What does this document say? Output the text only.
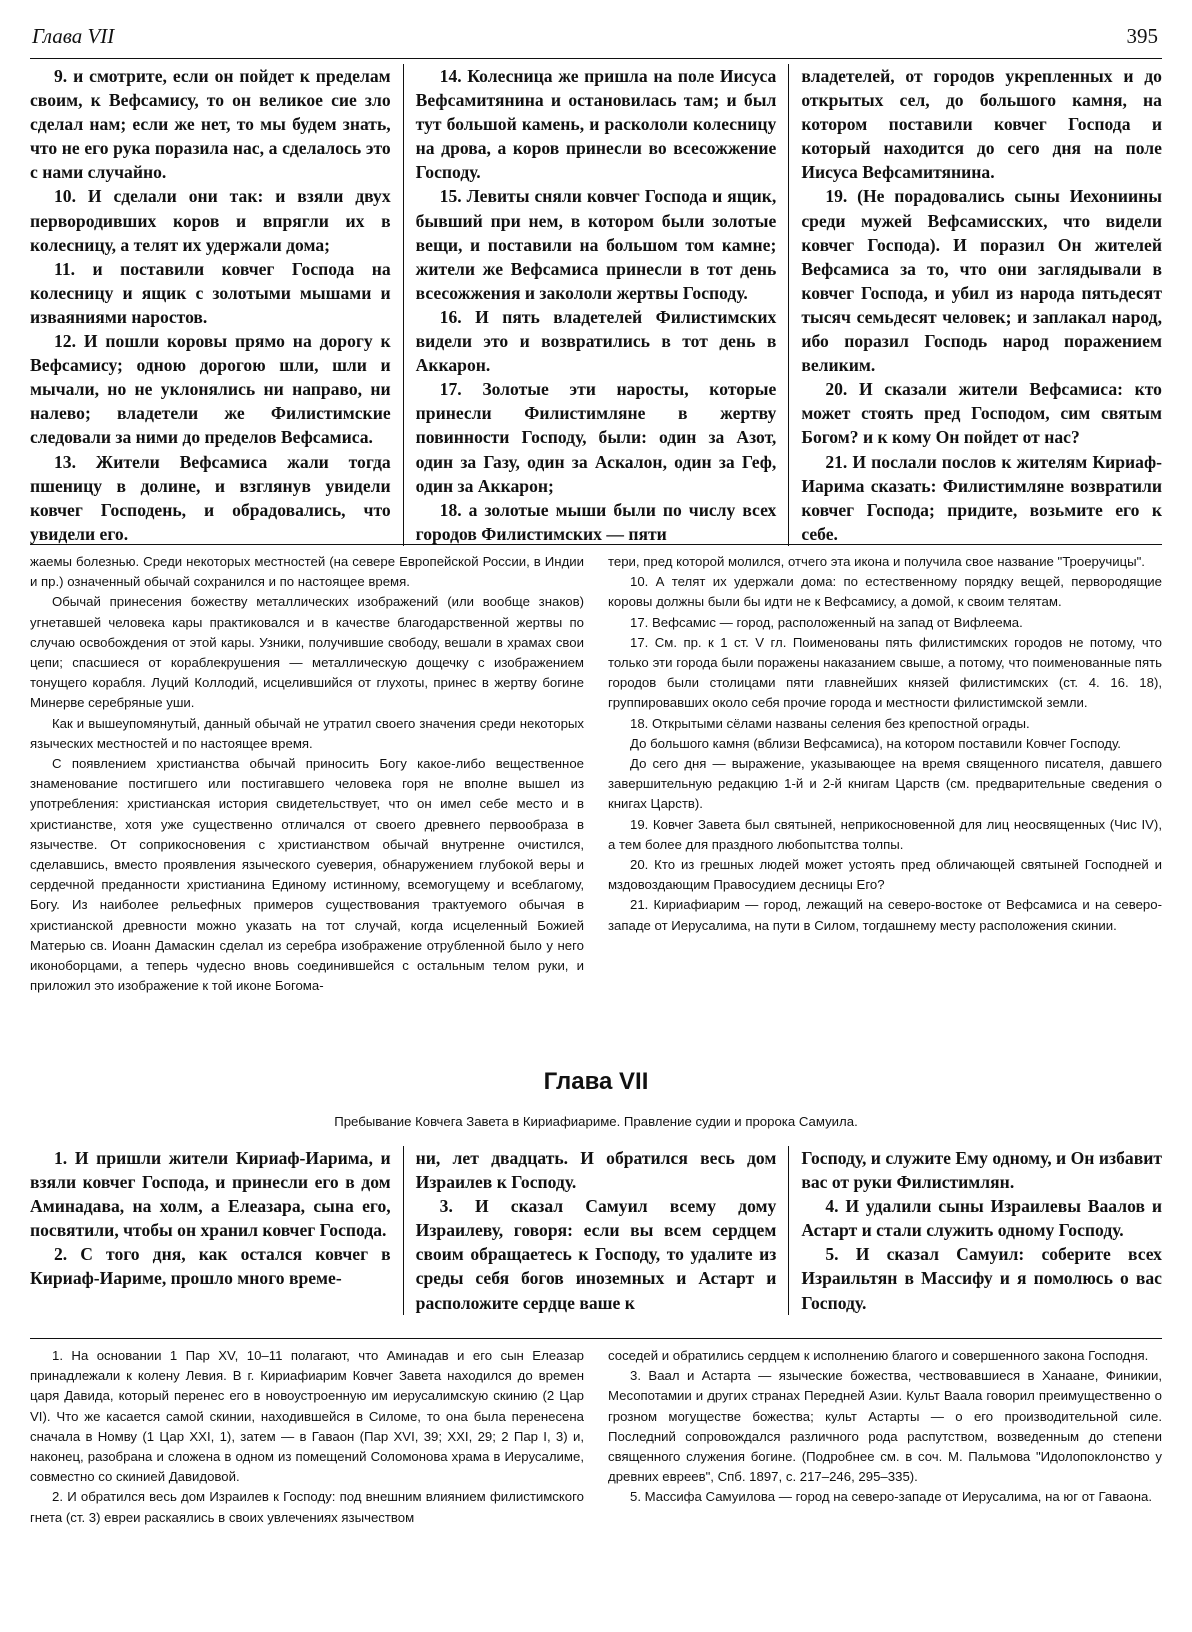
Глава VII	395

9. и смотрите, если он пойдет к пределам своим, к Вефсамису, то он великое сие зло сделал нам; если же нет, то мы будем знать, что не его рука поразила нас, а сделалось это с нами случайно.

10. И сделали они так: и взяли двух первородивших коров и впрягли их в колесницу, а телят их удержали дома;

11. и поставили ковчег Господа на колесницу и ящик с золотыми мышами и изваяниями наростов.

12. И пошли коровы прямо на дорогу к Вефсамису; одною дорогою шли, шли и мычали, но не уклонялись ни направо, ни налево; владетели же Филистимские следовали за ними до пределов Вефсамиса.

13. Жители Вефсамиса жали тогда пшеницу в долине, и взглянув увидели ковчег Господень, и обрадовались, что увидели его.

14. Колесница же пришла на поле Иисуса Вефсамитянина и остановилась там; и был тут большой камень, и раскололи колесницу на дрова, а коров принесли во всесожжение Господу.

15. Левиты сняли ковчег Господа и ящик, бывший при нем, в котором были золотые вещи, и поставили на большом том камне; жители же Вефсамиса принесли в тот день всесожжения и закололи жертвы Господу.

16. И пять владетелей Филистимских видели это и возвратились в тот день в Аккарон.

17. Золотые эти наросты, которые принесли Филистимляне в жертву повинности Господу, были: один за Азот, один за Газу, один за Аскалон, один за Геф, один за Аккарон;

18. а золотые мыши были по числу всех городов Филистимских — пяти

владетелей, от городов укрепленных и до открытых сел, до большого камня, на котором поставили ковчег Господа и который находится до сего дня на поле Иисуса Вефсамитянина.

19. (Не порадовались сыны Иехониины среди мужей Вефсамисских, что видели ковчег Господа). И поразил Он жителей Вефсамиса за то, что они заглядывали в ковчег Господа, и убил из народа пятьдесят тысяч семьдесят человек; и заплакал народ, ибо поразил Господь народ поражением великим.

20. И сказали жители Вефсамиса: кто может стоять пред Господом, сим святым Богом? и к кому Он пойдет от нас?

21. И послали послов к жителям Кириаф-Иарима сказать: Филистимляне возвратили ковчег Господа; придите, возьмите его к себе.

жаемы болезнью. Среди некоторых местностей (на севере Европейской России, в Индии и пр.) означенный обычай сохранился и по настоящее время.

Обычай принесения божеству металлических изображений (или вообще знаков) угнетавшей человека кары практиковался и в качестве благодарственной жертвы по случаю освобождения от этой кары. Узники, получившие свободу, вешали в храмах свои цепи; спасшиеся от кораблекрушения — металлическую дощечку с изображением тонущего корабля. Луций Коллодий, исцелившийся от глухоты, принес в жертву богине Минерве серебряные уши.

Как и вышеупомянутый, данный обычай не утратил своего значения среди некоторых языческих местностей и по настоящее время.

С появлением христианства обычай приносить Богу какое-либо вещественное знаменование постигшего или постигавшего человека горя не вполне вышел из употребления: христианская история свидетельствует, что он имел себе место и в христианстве, хотя уже существенно отличался от своего древнего первообраза в язычестве. От соприкосновения с христианством обычай внутренне очистился, сделавшись, вместо проявления языческого суеверия, обнаружением глубокой веры и сердечной преданности христианина Единому истинному, всемогущему и всеблагому, Богу. Из наиболее рельефных примеров существования трактуемого обычая в христианской древности можно указать на тот случай, когда исцеленный Божией Матерью св. Иоанн Дамаскин сделал из серебра изображение отрубленной было у него иконоборцами, а теперь чудесно вновь соединившейся с остальным телом руки, и приложил это изображение к той иконе Богома-

тери, пред которой молился, отчего эта икона и получила свое название "Троеручицы".

10. А телят их удержали дома: по естественному порядку вещей, первородящие коровы должны были бы идти не к Вефсамису, а домой, к своим телятам.

17. Вефсамис — город, расположенный на запад от Вифлеема.

17. См. пр. к 1 ст. V гл. Поименованы пять филистимских городов не потому, что только эти города были поражены наказанием свыше, а потому, что поименованные пять городов были столицами пяти главнейших князей филистимских (ст. 4. 16. 18), группировавших около себя прочие города и местности филистимской земли.

18. Открытыми сёлами названы селения без крепостной ограды.

До большого камня (вблизи Вефсамиса), на котором поставили Ковчег Господу.

До сего дня — выражение, указывающее на время священного писателя, давшего завершительную редакцию 1-й и 2-й книгам Царств (см. предварительные сведения о книгах Царств).

19. Ковчег Завета был святыней, неприкосновенной для лиц неосвященных (Чис IV), а тем более для праздного любопытства толпы.

20. Кто из грешных людей может устоять пред обличающей святыней Господней и мздовоздающим Правосудием десницы Его?

21. Кириафиарим — город, лежащий на северо-востоке от Вефсамиса и на северо-западе от Иерусалима, на пути в Силом, тогдашнему месту расположения скинии.

Глава VII
Пребывание Ковчега Завета в Кириафиариме. Правление судии и пророка Самуила.

1. И пришли жители Кириаф-Иарима, и взяли ковчег Господа, и принесли его в дом Аминадава, на холм, а Елеазара, сына его, посвятили, чтобы он хранил ковчег Господа.

2. С того дня, как остался ковчег в Кириаф-Иариме, прошло много време-

ни, лет двадцать. И обратился весь дом Израилев к Господу.

3. И сказал Самуил всему дому Израилеву, говоря: если вы всем сердцем своим обращаетесь к Господу, то удалите из среды себя богов иноземных и Астарт и расположите сердце ваше к

Господу, и служите Ему одному, и Он избавит вас от руки Филистимлян.

4. И удалили сыны Израилевы Ваалов и Астарт и стали служить одному Господу.

5. И сказал Самуил: соберите всех Израильтян в Массифу и я помолюсь о вас Господу.

1. На основании 1 Пар XV, 10–11 полагают, что Аминадав и его сын Елеазар принадлежали к колену Левия. В г. Кириафиарим Ковчег Завета находился до времен царя Давида, который перенес его в новоустроенную им иерусалимскую скинию (2 Цар VI). Что же касается самой скинии, находившейся в Силоме, то она была перенесена сначала в Номву (1 Цар XXI, 1), затем — в Гаваон (Пар XVI, 39; XXI, 29; 2 Пар I, 3) и, наконец, разобрана и сложена в одном из помещений Соломонова храма в Иерусалиме, совместно со скинией Давидовой.

2. И обратился весь дом Израилев к Господу: под внешним влиянием филистимского гнета (ст. 3) евреи раскаялись в своих увлечениях язычеством

соседей и обратились сердцем к исполнению благого и совершенного закона Господня.

3. Ваал и Астарта — языческие божества, чествовавшиеся в Ханаане, Финикии, Месопотамии и других странах Передней Азии. Культ Ваала говорил преимущественно о грозном могуществе божества; культ Астарты — о его производительной силе. Последний сопровождался различного рода распутством, возведенным до степени священного служения богине. (Подробнее см. в соч. М. Пальмова "Идолопоклонство у древних евреев", Спб. 1897, с. 217–246, 295–335).

5. Массифа Самуилова — город на северо-западе от Иерусалима, на юг от Гаваона.
